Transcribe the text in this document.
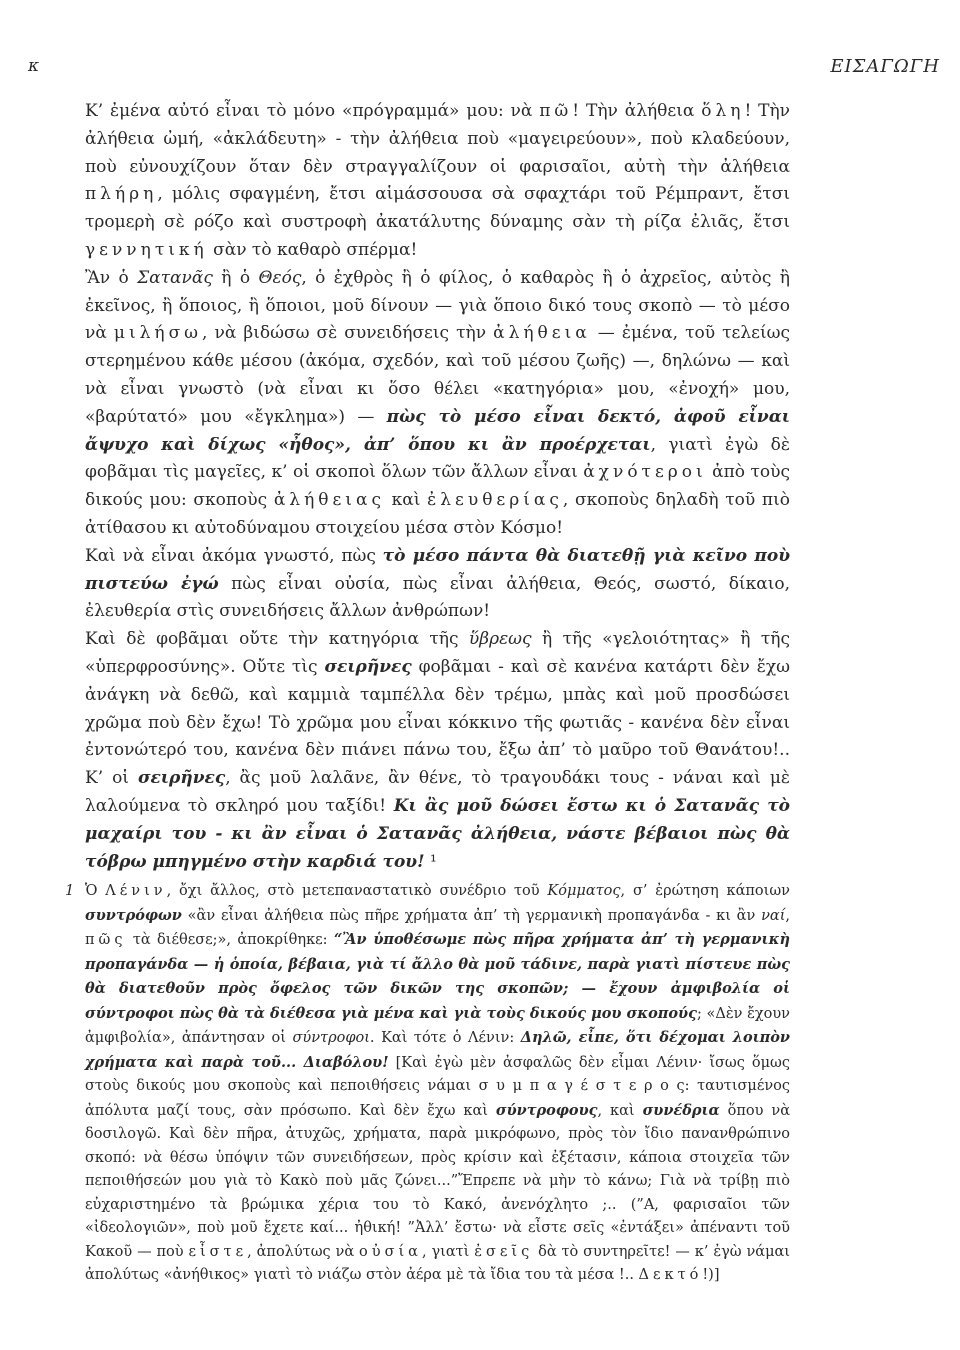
κ	ΕΙΣΑΓΩΓΗ

Κ’ ἐμένα αὐτό εἶναι τὸ μόνο «πρόγραμμά» μου: νὰ πῶ! Τὴν ἀλήθεια ὅλη! Τὴν ἀλήθεια ὠμή, «ἀκλάδευτη» - τὴν ἀλήθεια ποὺ «μαγειρεύουν», ποὺ κλαδεύουν, ποὺ εὐνουχίζουν ὅταν δὲν στραγγαλίζουν οἱ φαρισαῖοι, αὐτὴ τὴν ἀλήθεια πλήρη, μόλις σφαγμένη, ἔτσι αἱμάσσουσα σὰ σφαχτάρι τοῦ Ρέμπραντ, ἔτσι τρομερὴ σὲ ρόζο καὶ συστροφὴ ἀκατάλυτης δύναμης σὰν τὴ ρίζα ἐλιᾶς, ἔτσι γεννητική σὰν τὸ καθαρὸ σπέρμα!

Ἂν ὁ Σατανᾶς ἢ ὁ Θεός, ὁ ἐχθρὸς ἢ ὁ φίλος, ὁ καθαρὸς ἢ ὁ ἀχρεῖος, αὐτὸς ἢ ἐκεῖνος, ἢ ὅποιος, ἢ ὅποιοι, μοῦ δίνουν — γιὰ ὅποιο δικό τους σκοπὸ — τὸ μέσο νὰ μιλήσω, νὰ βιδώσω σὲ συνειδήσεις τὴν ἀλήθεια — ἐμένα, τοῦ τελείως στερημένου κάθε μέσου (ἀκόμα, σχεδόν, καὶ τοῦ μέσου ζωῆς) —, δηλώνω — καὶ νὰ εἶναι γνωστὸ (νὰ εἶναι κι ὅσο θέλει «κατηγόρια» μου, «ἐνοχή» μου, «βαρύτατό» μου «ἔγκλημα») — πὼς τὸ μέσο εἶναι δεκτό, ἀφοῦ εἶναι ἄψυχο καὶ δίχως «ἦθος», ἀπ’ ὅπου κι ἂν προέρχεται, γιατὶ ἐγὼ δὲ φοβᾶμαι τὶς μαγεῖες, κ’ οἱ σκοποὶ ὅλων τῶν ἄλλων εἶναι ἀχνότεροι ἀπὸ τοὺς δικούς μου: σκοποὺς ἀλήθειας καὶ ἐλευθερίας, σκοποὺς δηλαδὴ τοῦ πιὸ ἀτίθασου κι αὐτοδύναμου στοιχείου μέσα στὸν Κόσμο!

Καὶ νὰ εἶναι ἀκόμα γνωστό, πὼς τὸ μέσο πάντα θὰ διατεθῇ γιὰ κεῖνο ποὺ πιστεύω ἐγώ πὼς εἶναι οὐσία, πὼς εἶναι ἀλήθεια, Θεός, σωστό, δίκαιο, ἐλευθερία στὶς συνειδήσεις ἄλλων ἀνθρώπων!

Καὶ δὲ φοβᾶμαι οὔτε τὴν κατηγόρια τῆς ὕβρεως ἢ τῆς «γελοιότητας» ἢ τῆς «ὑπερφροσύνης». Οὔτε τὶς σειρῆνες φοβᾶμαι - καὶ σὲ κανένα κατάρτι δὲν ἔχω ἀνάγκη νὰ δεθῶ, καὶ καμμιὰ ταμπέλλα δὲν τρέμω, μπὰς καὶ μοῦ προσδώσει χρῶμα ποὺ δὲν ἔχω! Τὸ χρῶμα μου εἶναι κόκκινο τῆς φωτιᾶς - κανένα δὲν εἶναι ἐντονώτερό του, κανένα δὲν πιάνει πάνω του, ἔξω ἀπ’ τὸ μαῦρο τοῦ Θανάτου!.. Κ’ οἱ σειρῆνες, ἂς μοῦ λαλᾶνε, ἂν θένε, τὸ τραγουδάκι τους - νάναι καὶ μὲ λαλούμενα τὸ σκληρό μου ταξίδι! Κι ἂς μοῦ δώσει ἔστω κι ὁ Σατανᾶς τὸ μαχαίρι του - κι ἂν εἶναι ὁ Σατανᾶς ἀλήθεια, νάστε βέβαιοι πὼς θὰ τόβρω μπηγμένο στὴν καρδιά του! ¹

1 Ὁ Λένιν, ὄχι ἄλλος, στὸ μετεπαναστατικὸ συνέδριο τοῦ Κόμματος, σ’ ἐρώτηση κάποιων συντρόφων «ἂν εἶναι ἀλήθεια πὼς πῆρε χρήματα ἀπ’ τὴ γερμανικὴ προπαγάνδα - κι ἂν ναί, πῶς τὰ διέθεσε;», ἀποκρίθηκε: “Ἂν ὑποθέσωμε πὼς πῆρα χρήματα ἀπ’ τὴ γερμανικὴ προπαγάνδα — ἡ ὁποία, βέβαια, γιὰ τί ἄλλο θὰ μοῦ τάδινε, παρὰ γιατὶ πίστευε πὼς θὰ διατεθοῦν πρὸς ὄφελος τῶν δικῶν της σκοπῶν; — ἔχουν ἀμφιβολία οἱ σύντροφοι πὼς θὰ τὰ διέθεσα γιὰ μένα καὶ γιὰ τοὺς δικούς μου σκοπούς; «Δὲν ἔχουν ἀμφιβολία», ἀπάντησαν οἱ σύντροφοι. Καὶ τότε ὁ Λένιν: Δηλῶ, εἶπε, ὅτι δέχομαι λοιπὸν χρήματα καὶ παρὰ τοῦ... Διαβόλου! [Καὶ ἐγὼ μὲν ἀσφαλῶς δὲν εἶμαι Λένιν· ἴσως ὅμως στοὺς δικούς μου σκοποὺς καὶ πεποιθήσεις νάμαι σ υ μ π α γ έ σ τ ε ρ ο ς: ταυτισμένος ἀπόλυτα μαζί τους, σὰν πρόσωπο. Καὶ δὲν ἔχω καὶ σύντροφους, καὶ συνέδρια ὅπου νὰ δοσιλογῶ. Καὶ δὲν πῆρα, ἀτυχῶς, χρήματα, παρὰ μικρόφωνο, πρὸς τὸν ἴδιο πανανθρώπινο σκοπό: νὰ θέσω ὑπόψιν τῶν συνειδήσεων, πρὸς κρίσιν καὶ ἐξέτασιν, κάποια στοιχεῖα τῶν πεποιθήσεών μου γιὰ τὸ Κακὸ ποὺ μᾶς ζώνει...”Ἔπρεπε νὰ μὴν τὸ κάνω; Γιὰ νὰ τρίβῃ πιὸ εὐχαριστημένο τὰ βρώμικα χέρια του τὸ Κακό, ἀνενόχλητο ;.. (”Α, φαρισαῖοι τῶν «ἰδεολογιῶν», ποὺ μοῦ ἔχετε καί... ἠθική! ”Ἀλλ’ ἔστω· νὰ εἶστε σεῖς «ἐντάξει» ἀπέναντι τοῦ Κακοῦ — ποὺ εἶστε, ἀπολύτως νὰ οὐσία, γιατὶ ἐσεῖς δὰ τὸ συντηρεῖτε! — κ’ ἐγὼ νάμαι ἀπολύτως «ἀνήθικος» γιατὶ τὸ νιάζω στὸν ἀέρα μὲ τὰ ἴδια του τὰ μέσα !.. Δεκτό!)]
